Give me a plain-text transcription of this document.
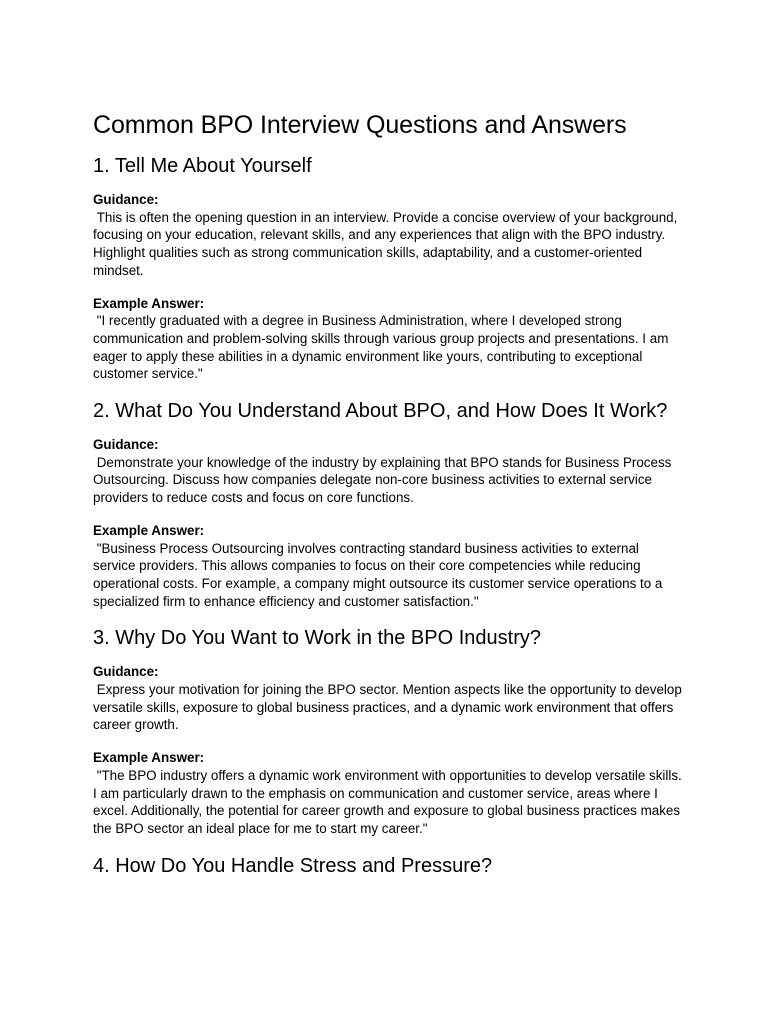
Common BPO Interview Questions and Answers
1. Tell Me About Yourself

Guidance:

This is often the opening question in an interview. Provide a concise overview of your background, focusing on your education, relevant skills, and any experiences that align with the BPO industry. Highlight qualities such as strong communication skills, adaptability, and a customer-oriented mindset.

Example Answer:

"I recently graduated with a degree in Business Administration, where I developed strong communication and problem-solving skills through various group projects and presentations. I am eager to apply these abilities in a dynamic environment like yours, contributing to exceptional customer service."

2. What Do You Understand About BPO, and How Does It Work?

Guidance:

Demonstrate your knowledge of the industry by explaining that BPO stands for Business Process Outsourcing. Discuss how companies delegate non-core business activities to external service providers to reduce costs and focus on core functions.

Example Answer:

"Business Process Outsourcing involves contracting standard business activities to external service providers. This allows companies to focus on their core competencies while reducing operational costs. For example, a company might outsource its customer service operations to a specialized firm to enhance efficiency and customer satisfaction."

3. Why Do You Want to Work in the BPO Industry?

Guidance:

Express your motivation for joining the BPO sector. Mention aspects like the opportunity to develop versatile skills, exposure to global business practices, and a dynamic work environment that offers career growth.

Example Answer:

"The BPO industry offers a dynamic work environment with opportunities to develop versatile skills. I am particularly drawn to the emphasis on communication and customer service, areas where I excel. Additionally, the potential for career growth and exposure to global business practices makes the BPO sector an ideal place for me to start my career."

4. How Do You Handle Stress and Pressure?
